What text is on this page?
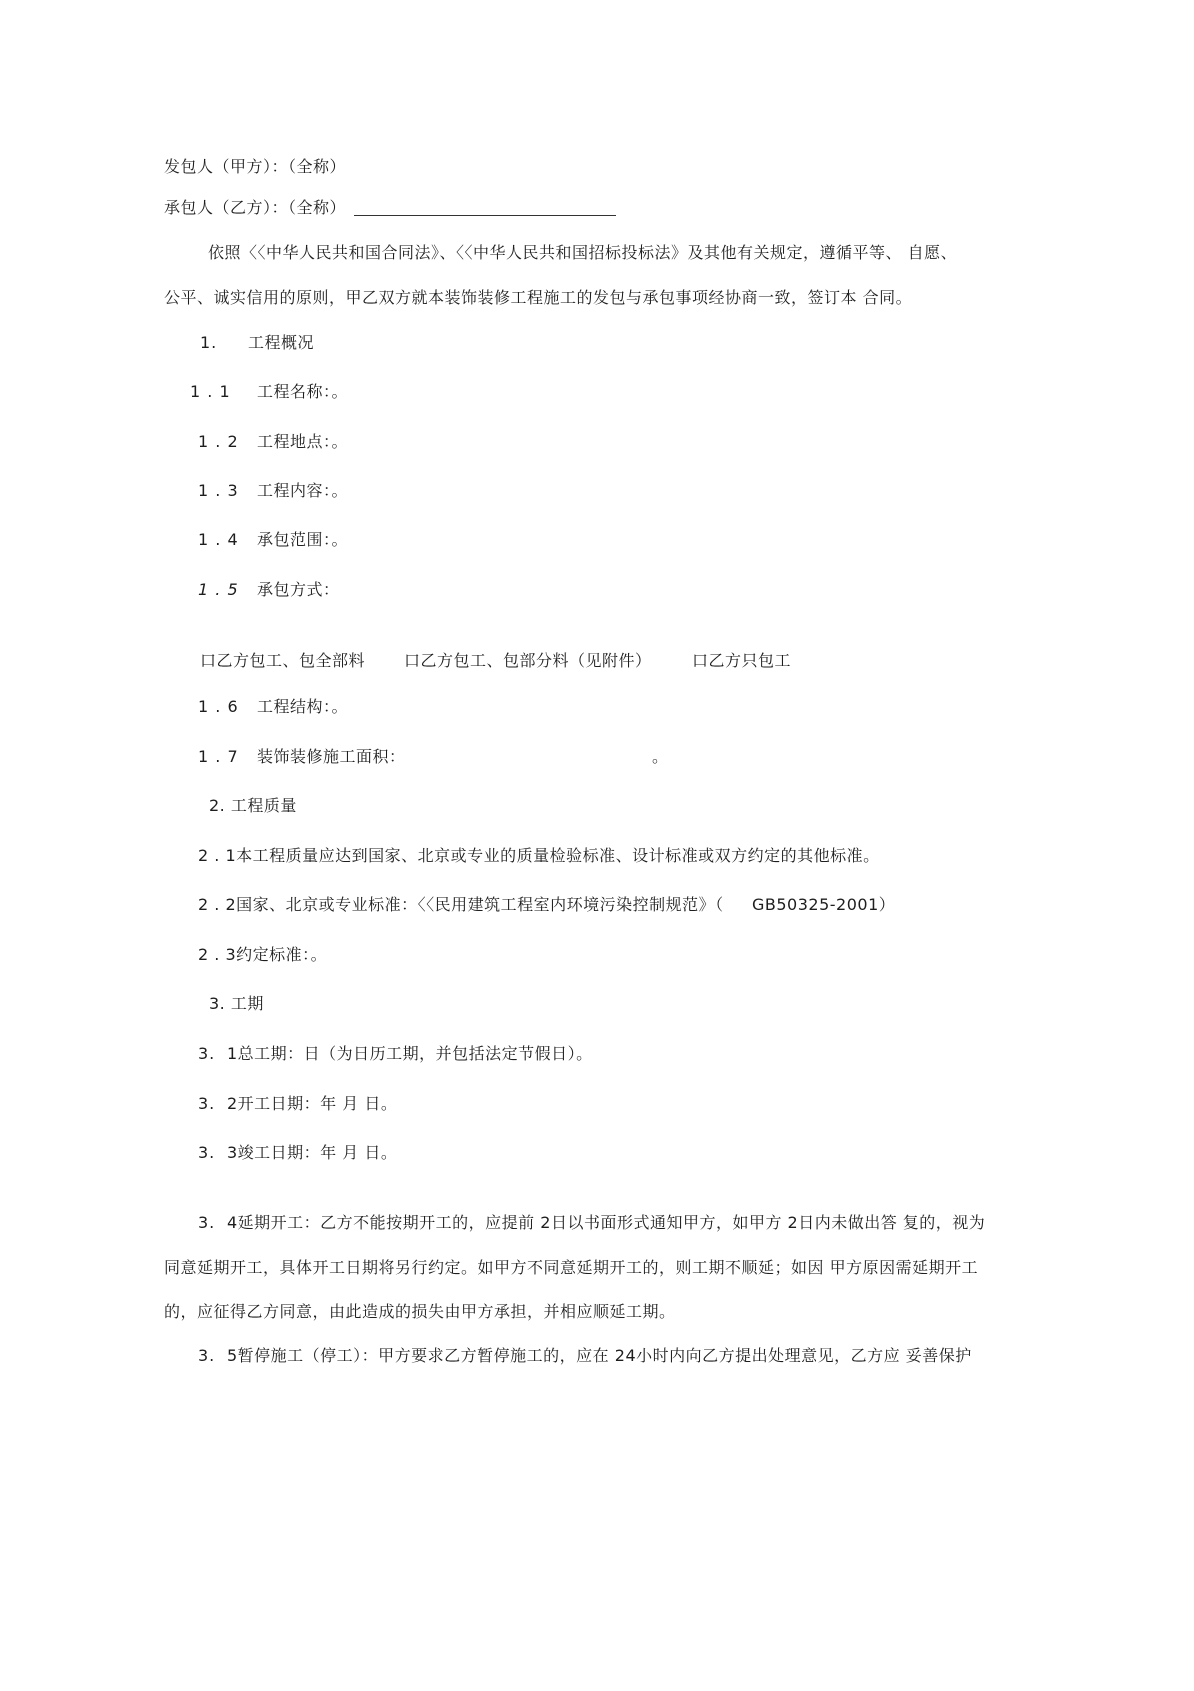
发包人（甲方）：（全称）
承包人（乙方）：（全称）
依照〈〈中华人民共和国合同法》、〈〈中华人民共和国招标投标法》及其他有关规定，遵循平等、 自愿、
公平、诚实信用的原则，甲乙双方就本装饰装修工程施工的发包与承包事项经协商一致，签订本 合同。
1. 工程概况
1 . 1 工程名称：。
1 . 2 工程地点：。
1 . 3 工程内容：。
1 . 4 承包范围：。
1 . 5 承包方式：
口乙方包工、包全部料 口乙方包工、包部分料（见附件）	口乙方只包工
1 . 6 工程结构：。
1 . 7 装饰装修施工面积：	。
2. 工程质量
2 . 1本工程质量应达到国家、北京或专业的质量检验标准、设计标准或双方约定的其他标准。
2 . 2国家、北京或专业标准：〈〈民用建筑工程室内环境污染控制规范》（ GB50325-2001）
2 . 3约定标准：。
3. 工期
3. 1总工期：日（为日历工期，并包括法定节假日）。
3. 2开工日期：年 月 日。
3. 3竣工日期：年 月 日。
3. 4延期开工：乙方不能按期开工的，应提前 2日以书面形式通知甲方，如甲方 2日内未做出答 复的，视为
同意延期开工，具体开工日期将另行约定。如甲方不同意延期开工的，则工期不顺延；如因 甲方原因需延期开工
的，应征得乙方同意，由此造成的损失由甲方承担，并相应顺延工期。
3. 5暂停施工（停工）：甲方要求乙方暂停施工的，应在 24小时内向乙方提出处理意见，乙方应 妥善保护
